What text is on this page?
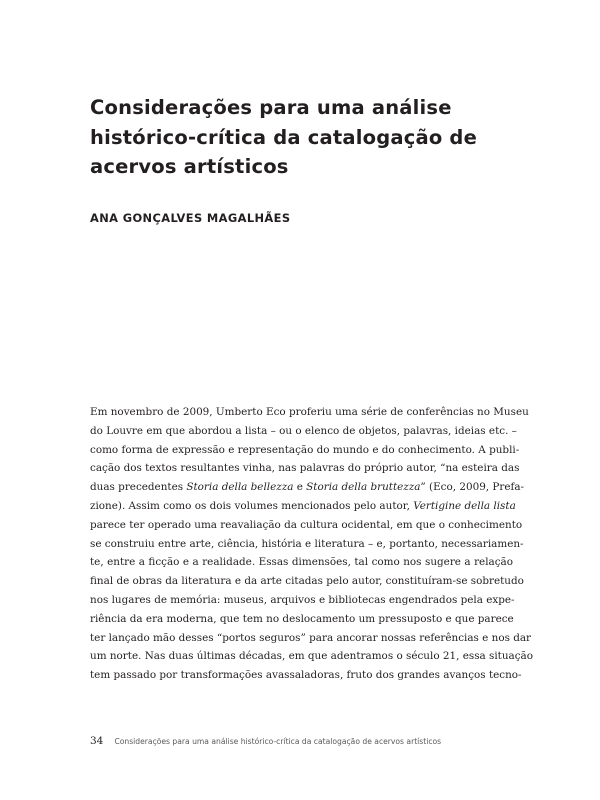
Considerações para uma análise
histórico-crítica da catalogação de
acervos artísticos

ANA GONÇALVES MAGALHÃES

Em novembro de 2009, Umberto Eco proferiu uma série de conferências no Museu
do Louvre em que abordou a lista – ou o elenco de objetos, palavras, ideias etc. –
como forma de expressão e representação do mundo e do conhecimento. A publi-
cação dos textos resultantes vinha, nas palavras do próprio autor, “na esteira das
duas precedentes Storia della bellezza e Storia della bruttezza” (Eco, 2009, Prefa-
zione). Assim como os dois volumes mencionados pelo autor, Vertigine della lista
parece ter operado uma reavaliação da cultura ocidental, em que o conhecimento
se construiu entre arte, ciência, história e literatura – e, portanto, necessariamen-
te, entre a ficção e a realidade. Essas dimensões, tal como nos sugere a relação
final de obras da literatura e da arte citadas pelo autor, constituíram-se sobretudo
nos lugares de memória: museus, arquivos e bibliotecas engendrados pela expe-
riência da era moderna, que tem no deslocamento um pressuposto e que parece
ter lançado mão desses “portos seguros” para ancorar nossas referências e nos dar
um norte. Nas duas últimas décadas, em que adentramos o século 21, essa situação
tem passado por transformações avassaladoras, fruto dos grandes avanços tecno-
34 Considerações para uma análise histórico-crítica da catalogação de acervos artísticos
